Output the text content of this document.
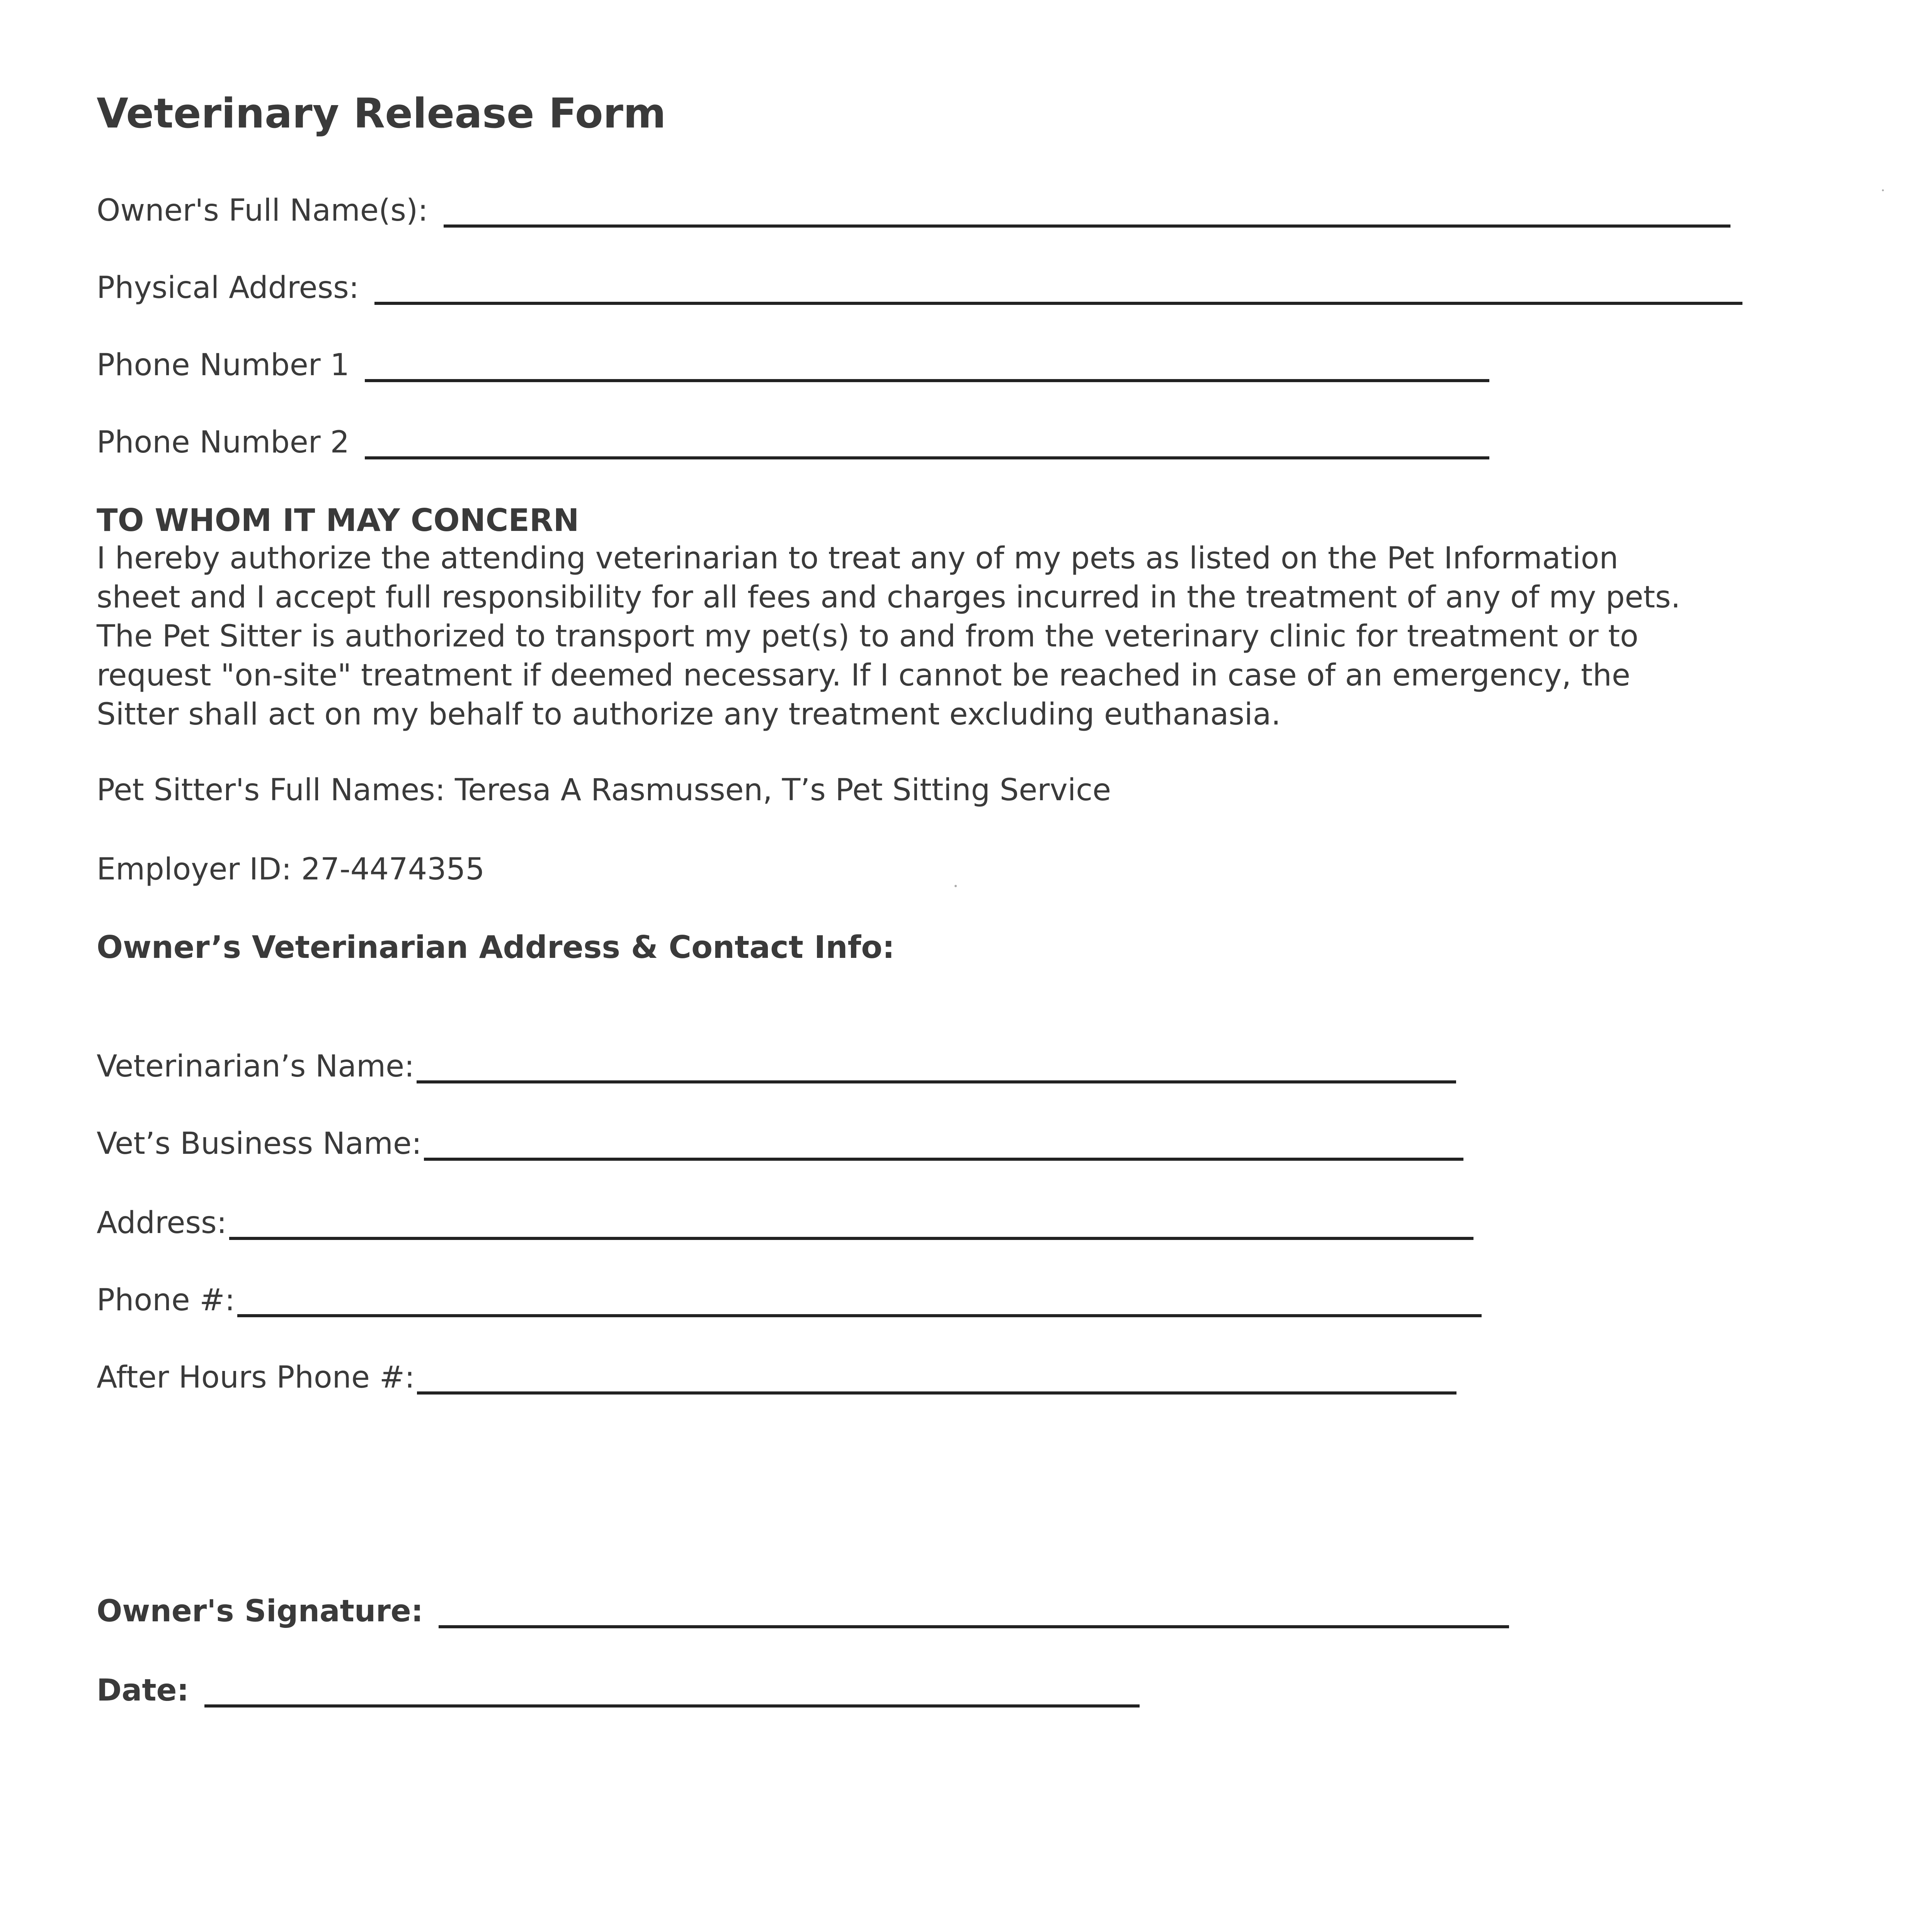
Veterinary Release Form
Owner's Full Name(s):
Physical Address:
Phone Number 1
Phone Number 2
TO WHOM IT MAY CONCERN
I hereby authorize the attending veterinarian to treat any of my pets as listed on the Pet Information
sheet and I accept full responsibility for all fees and charges incurred in the treatment of any of my pets.
The Pet Sitter is authorized to transport my pet(s) to and from the veterinary clinic for treatment or to
request "on-site" treatment if deemed necessary. If I cannot be reached in case of an emergency, the
Sitter shall act on my behalf to authorize any treatment excluding euthanasia.
Pet Sitter's Full Names: Teresa A Rasmussen, T’s Pet Sitting Service
Employer ID: 27-4474355
Owner’s Veterinarian Address & Contact Info:
Veterinarian’s Name:
Vet’s Business Name:
Address:
Phone #:
After Hours Phone #:
Owner's Signature:
Date:
